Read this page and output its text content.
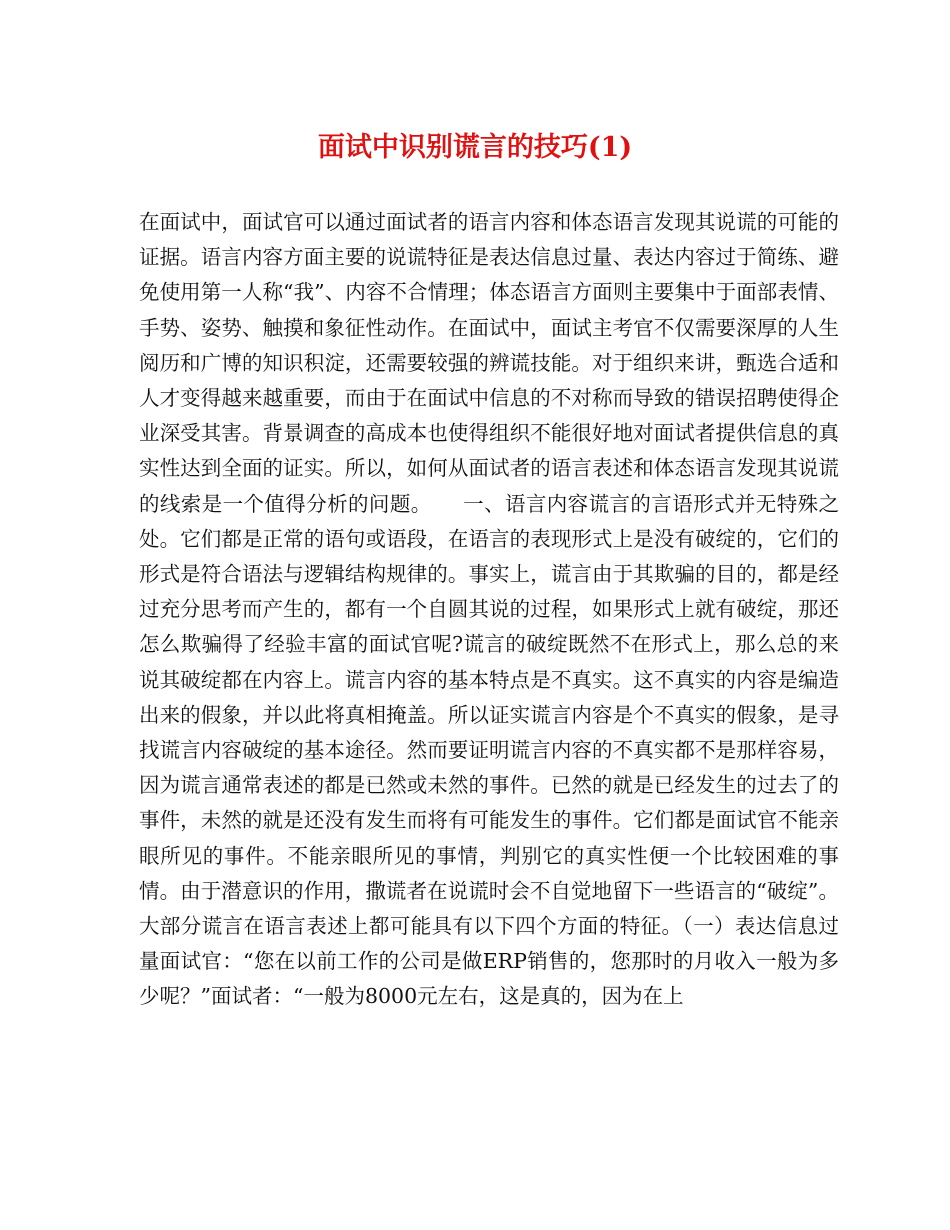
面试中识别谎言的技巧(1)

在面试中，面试官可以通过面试者的语言内容和体态语言发现其说谎的可能的证据。语言内容方面主要的说谎特征是表达信息过量、表达内容过于简练、避免使用第一人称“我”、内容不合情理；体态语言方面则主要集中于面部表情、手势、姿势、触摸和象征性动作。在面试中，面试主考官不仅需要深厚的人生阅历和广博的知识积淀，还需要较强的辨谎技能。对于组织来讲，甄选合适和人才变得越来越重要，而由于在面试中信息的不对称而导致的错误招聘使得企业深受其害。背景调查的高成本也使得组织不能很好地对面试者提供信息的真实性达到全面的证实。所以，如何从面试者的语言表述和体态语言发现其说谎的线索是一个值得分析的问题。　　一、语言内容谎言的言语形式并无特殊之处。它们都是正常的语句或语段，在语言的表现形式上是没有破绽的，它们的形式是符合语法与逻辑结构规律的。事实上，谎言由于其欺骗的目的，都是经过充分思考而产生的，都有一个自圆其说的过程，如果形式上就有破绽，那还怎么欺骗得了经验丰富的面试官呢?谎言的破绽既然不在形式上，那么总的来说其破绽都在内容上。谎言内容的基本特点是不真实。这不真实的内容是编造出来的假象，并以此将真相掩盖。所以证实谎言内容是个不真实的假象，是寻找谎言内容破绽的基本途径。然而要证明谎言内容的不真实都不是那样容易，因为谎言通常表述的都是已然或未然的事件。已然的就是已经发生的过去了的事件，未然的就是还没有发生而将有可能发生的事件。它们都是面试官不能亲眼所见的事件。不能亲眼所见的事情，判别它的真实性便一个比较困难的事情。由于潜意识的作用，撒谎者在说谎时会不自觉地留下一些语言的“破绽”。大部分谎言在语言表述上都可能具有以下四个方面的特征。（一）表达信息过量面试官：“您在以前工作的公司是做ERP销售的，您那时的月收入一般为多少呢？”面试者：“一般为8000元左右，这是真的，因为在上
